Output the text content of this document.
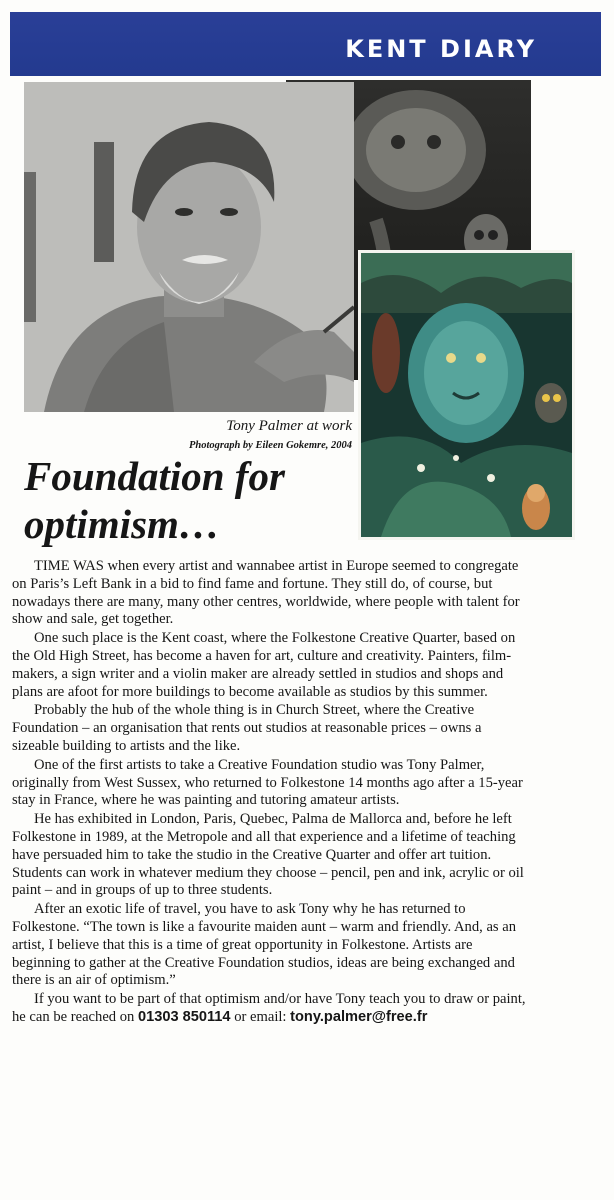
KENT DIARY
Tony Palmer at work
Photograph by Eileen Gokemre, 2004
Foundation for
optimism…

TIME WAS when every artist and wannabee artist in Europe seemed to congregate on Paris’s Left Bank in a bid to find fame and fortune. They still do, of course, but nowadays there are many, many other centres, worldwide, where people with talent for show and sale, get together.

One such place is the Kent coast, where the Folkestone Creative Quarter, based on the Old High Street, has become a haven for art, culture and creativity. Painters, film-makers, a sign writer and a violin maker are already settled in studios and shops and plans are afoot for more buildings to become available as studios by this summer.

Probably the hub of the whole thing is in Church Street, where the Creative Foundation – an organisation that rents out studios at reasonable prices – owns a sizeable building to artists and the like.

One of the first artists to take a Creative Foundation studio was Tony Palmer, originally from West Sussex, who returned to Folkestone 14 months ago after a 15-year stay in France, where he was painting and tutoring amateur artists.

He has exhibited in London, Paris, Quebec, Palma de Mallorca and, before he left Folkestone in 1989, at the Metropole and all that experience and a lifetime of teaching have persuaded him to take the studio in the Creative Quarter and offer art tuition. Students can work in whatever medium they choose – pencil, pen and ink, acrylic or oil paint – and in groups of up to three students.

After an exotic life of travel, you have to ask Tony why he has returned to Folkestone. “The town is like a favourite maiden aunt – warm and friendly. And, as an artist, I believe that this is a time of great opportunity in Folkestone. Artists are beginning to gather at the Creative Foundation studios, ideas are being exchanged and there is an air of optimism.”

If you want to be part of that optimism and/or have Tony teach you to draw or paint, he can be reached on 01303 850114 or email: tony.palmer@free.fr
